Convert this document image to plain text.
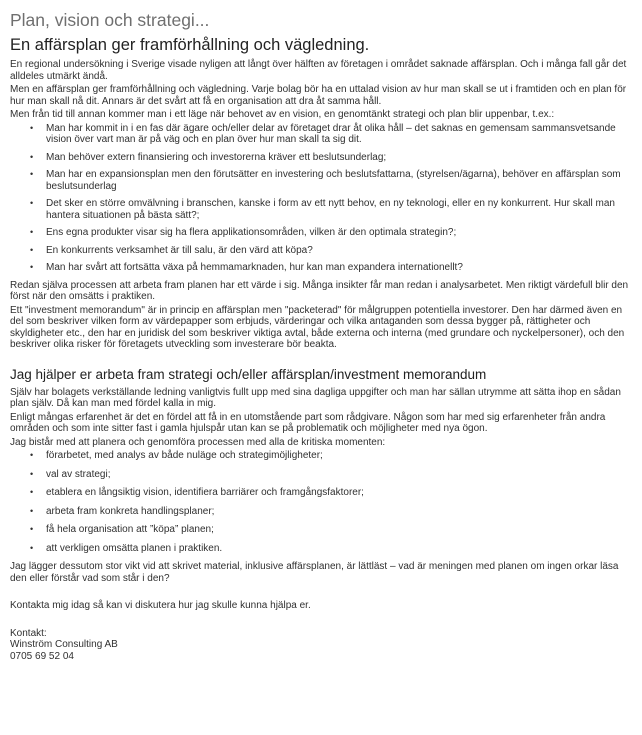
Plan, vision och strategi...
En affärsplan ger framförhållning och vägledning.

En regional undersökning i Sverige visade nyligen att långt över hälften av företagen i området saknade affärsplan. Och i många fall går det alldeles utmärkt ändå.

Men en affärsplan ger framförhållning och vägledning. Varje bolag bör ha en uttalad vision av hur man skall se ut i framtiden och en plan för hur man skall nå dit. Annars är det svårt att få en organisation att dra åt samma håll.

Men från tid till annan kommer man i ett läge när behovet av en vision, en genomtänkt strategi och plan blir uppenbar, t.ex.:

• Man har kommit in i en fas där ägare och/eller delar av företaget drar åt olika håll – det saknas en gemensam sammansvetsande vision över vart man är på väg och en plan över hur man skall ta sig dit.
• Man behöver extern finansiering och investorerna kräver ett beslutsunderlag;
• Man har en expansionsplan men den förutsätter en investering och beslutsfattarna, (styrelsen/ägarna), behöver en affärsplan som beslutsunderlag
• Det sker en större omvälvning i branschen, kanske i form av ett nytt behov, en ny teknologi, eller en ny konkurrent. Hur skall man hantera situationen på bästa sätt?;
• Ens egna produkter visar sig ha flera applikationsområden, vilken är den optimala strategin?;
• En konkurrents verksamhet är till salu, är den värd att köpa?
• Man har svårt att fortsätta växa på hemmamarknaden, hur kan man expandera internationellt?

Redan själva processen att arbeta fram planen har ett värde i sig. Många insikter får man redan i analysarbetet. Men riktigt värdefull blir den först när den omsätts i praktiken.

Ett "investment memorandum" är in princip en affärsplan men "packeterad" för målgruppen potentiella investorer. Den har därmed även en del som beskriver vilken form av värdepapper som erbjuds, värderingar och vilka antaganden som dessa bygger på, rättigheter och skyldigheter etc., den har en juridisk del som beskriver viktiga avtal, både externa och interna (med grundare och nyckelpersoner), och den beskriver olika risker för företagets utveckling som investerare bör beakta.

Jag hjälper er arbeta fram strategi och/eller affärsplan/investment memorandum

Själv har bolagets verkställande ledning vanligtvis fullt upp med sina dagliga uppgifter och man har sällan utrymme att sätta ihop en sådan plan själv. Då kan man med fördel kalla in mig.

Enligt mångas erfarenhet är det en fördel att få in en utomstående part som rådgivare. Någon som har med sig erfarenheter från andra områden och som inte sitter fast i gamla hjulspår utan kan se på problematik och möjligheter med nya ögon.

Jag bistår med att planera och genomföra processen med alla de kritiska momenten:

• förarbetet, med analys av både nuläge och strategimöjligheter;
• val av strategi;
• etablera en långsiktig vision, identifiera barriärer och framgångsfaktorer;
• arbeta fram konkreta handlingsplaner;
• få hela organisation att ”köpa” planen;
• att verkligen omsätta planen i praktiken.

Jag lägger dessutom stor vikt vid att skrivet material, inklusive affärsplanen, är lättläst – vad är meningen med planen om ingen orkar läsa den eller förstår vad som står i den?

Kontakta mig idag så kan vi diskutera hur jag skulle kunna hjälpa er.

Kontakt:

Winström Consulting AB

0705 69 52 04
